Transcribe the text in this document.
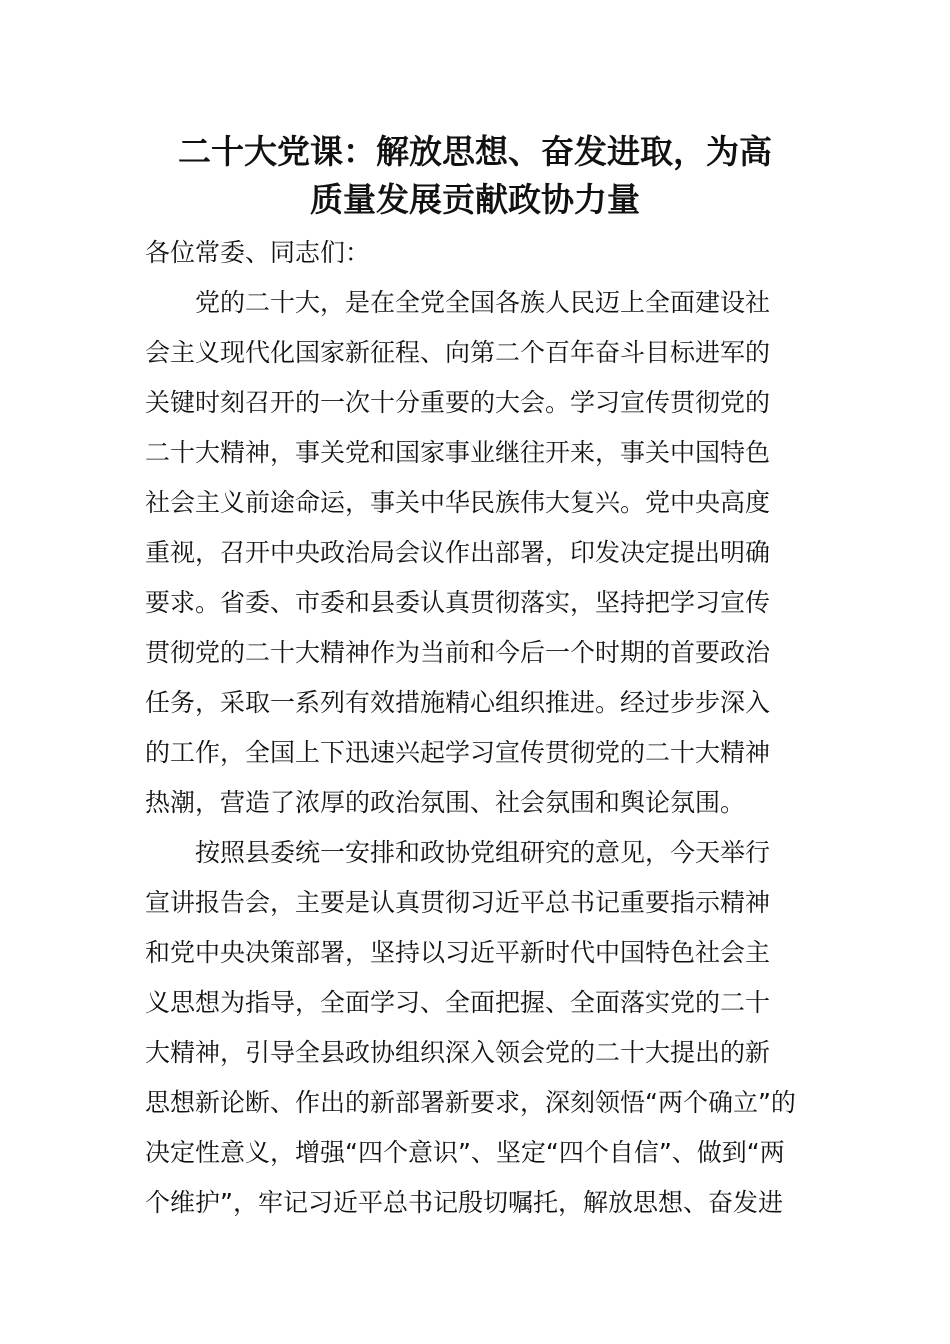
二十大党课：解放思想、奋发进取，为高
质量发展贡献政协力量
各位常委、同志们：
党的二十大，是在全党全国各族人民迈上全面建设社
会主义现代化国家新征程、向第二个百年奋斗目标进军的
关键时刻召开的一次十分重要的大会。学习宣传贯彻党的
二十大精神，事关党和国家事业继往开来，事关中国特色
社会主义前途命运，事关中华民族伟大复兴。党中央高度
重视，召开中央政治局会议作出部署，印发决定提出明确
要求。省委、市委和县委认真贯彻落实，坚持把学习宣传
贯彻党的二十大精神作为当前和今后一个时期的首要政治
任务，采取一系列有效措施精心组织推进。经过步步深入
的工作，全国上下迅速兴起学习宣传贯彻党的二十大精神
热潮，营造了浓厚的政治氛围、社会氛围和舆论氛围。
按照县委统一安排和政协党组研究的意见，今天举行
宣讲报告会，主要是认真贯彻习近平总书记重要指示精神
和党中央决策部署，坚持以习近平新时代中国特色社会主
义思想为指导，全面学习、全面把握、全面落实党的二十
大精神，引导全县政协组织深入领会党的二十大提出的新
思想新论断、作出的新部署新要求，深刻领悟“两个确立”的
决定性意义，增强“四个意识”、坚定“四个自信”、做到“两
个维护”，牢记习近平总书记殷切嘱托，解放思想、奋发进
